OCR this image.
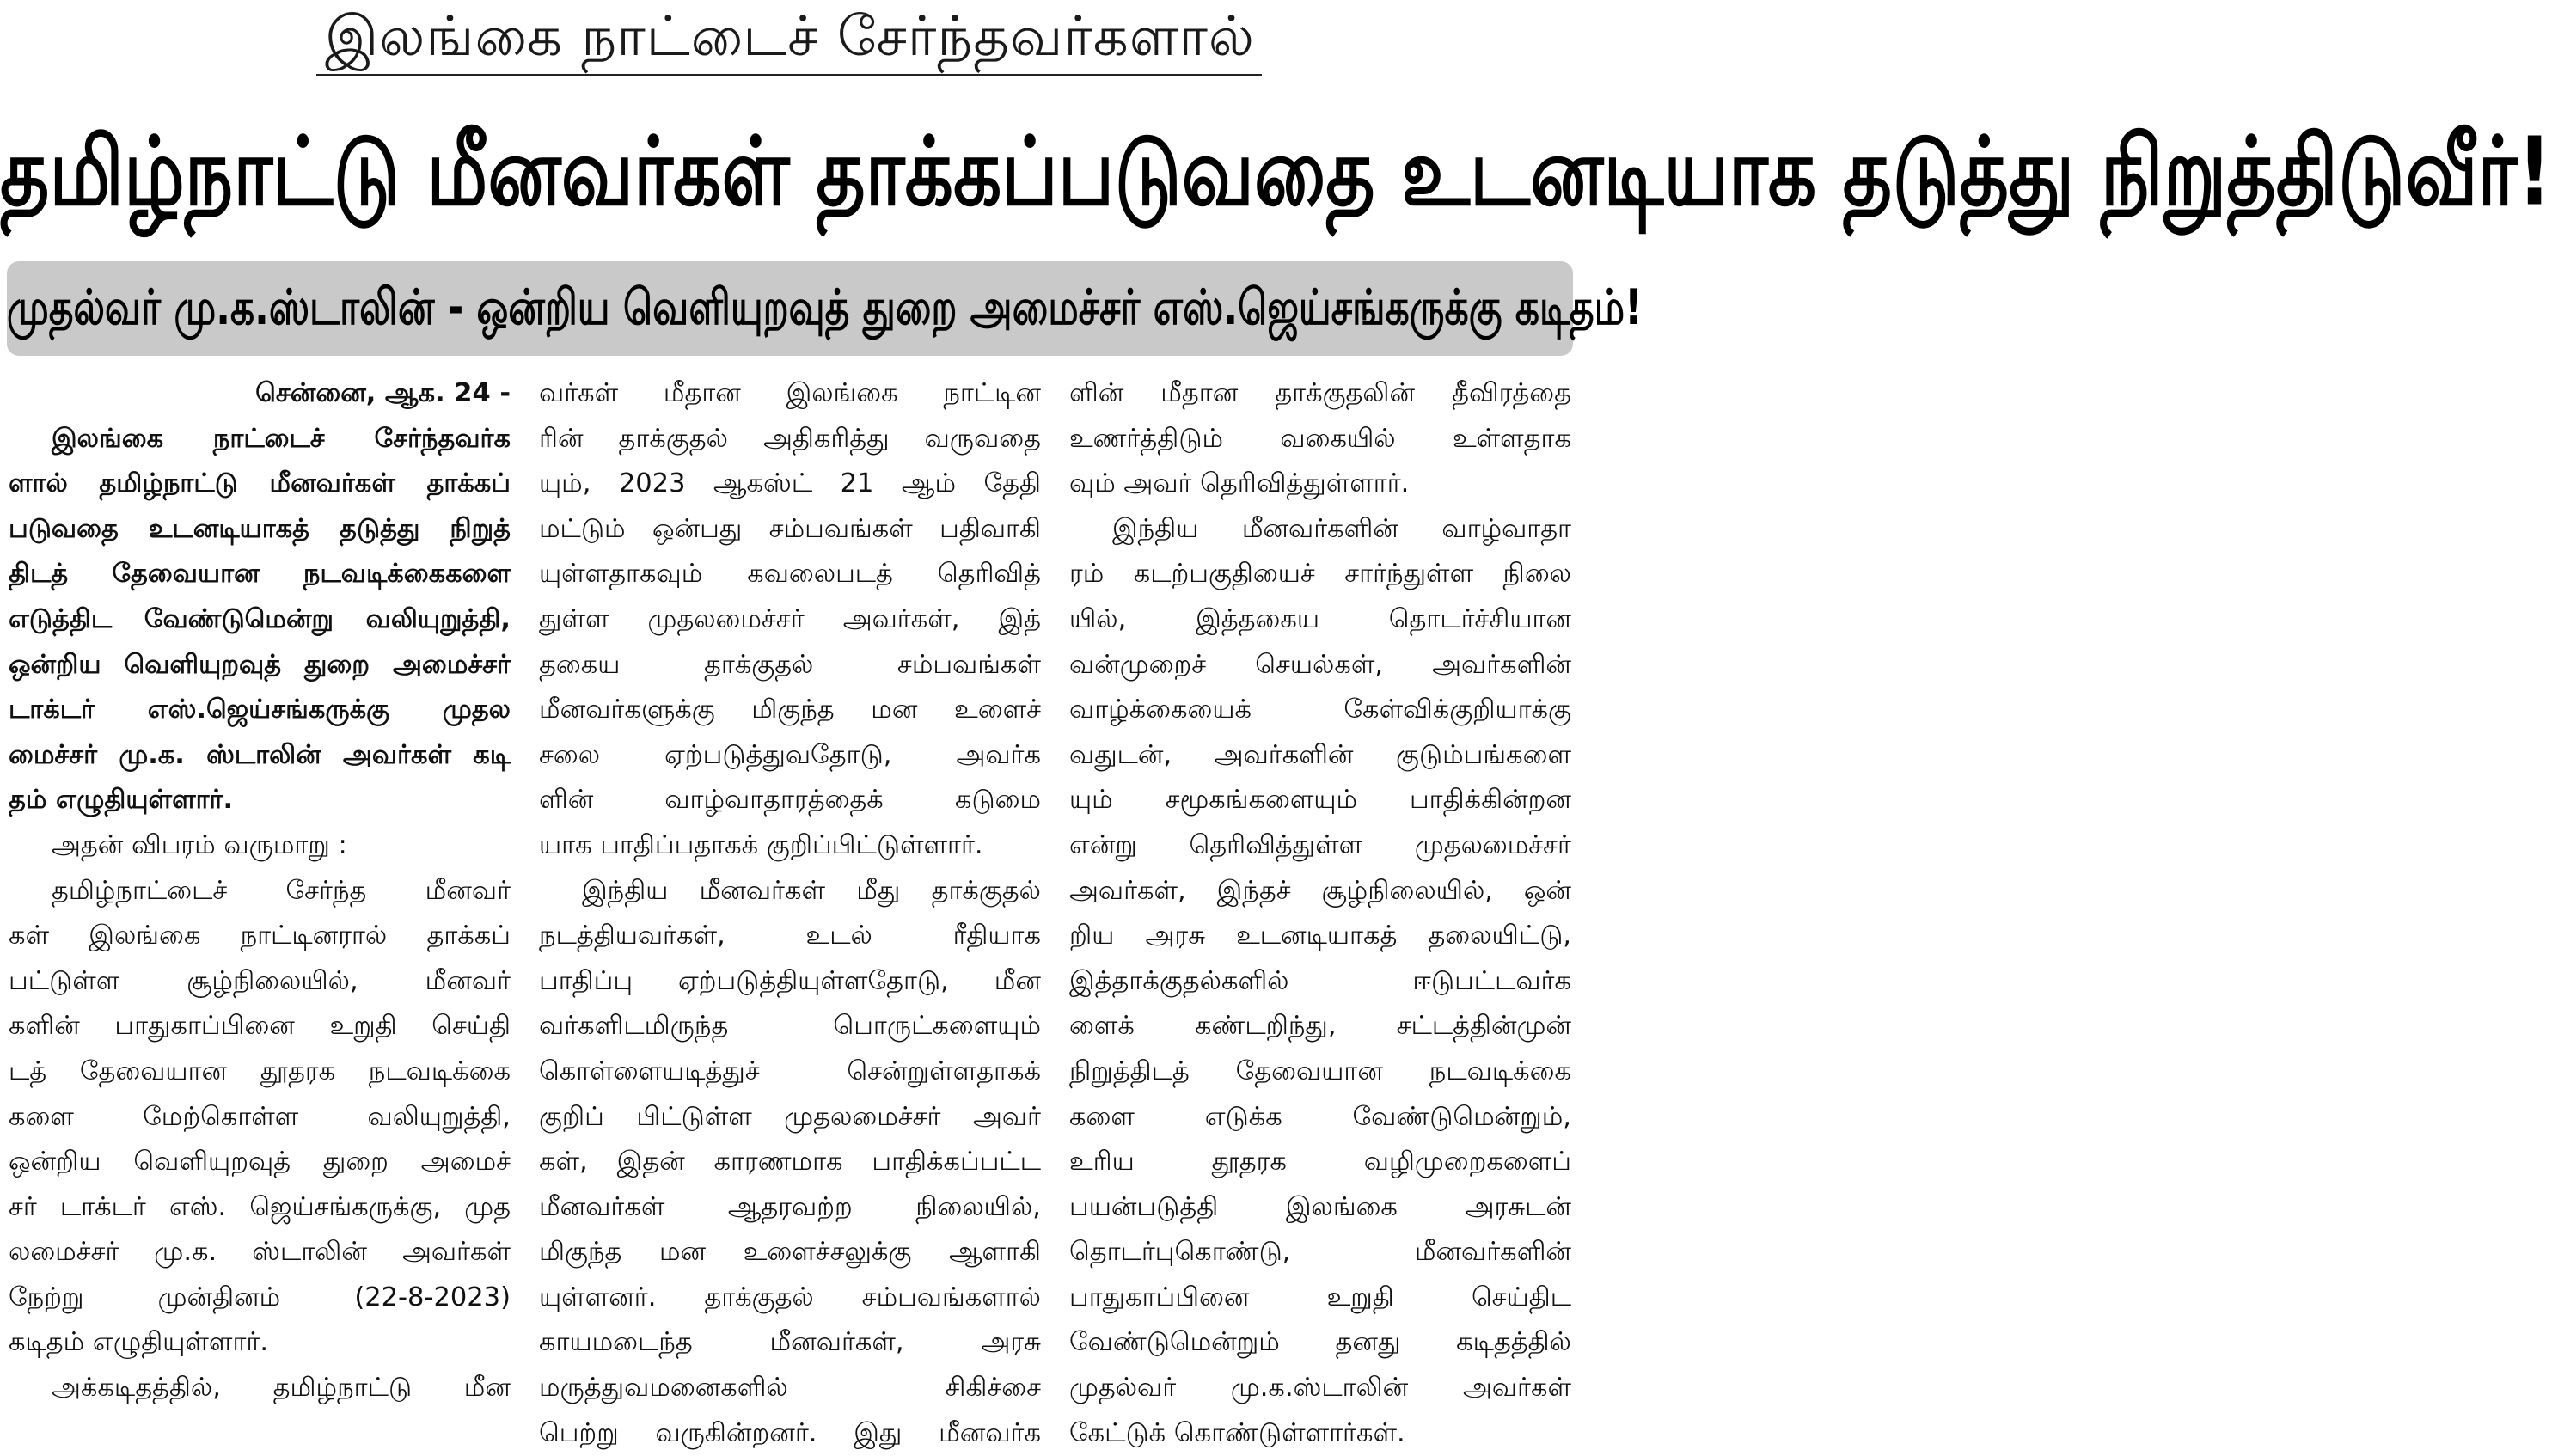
இலங்கை நாட்டைச் சேர்ந்தவர்களால்
தமிழ்நாட்டு மீனவர்கள் தாக்கப்படுவதை உடனடியாக தடுத்து நிறுத்திடுவீர்!
முதல்வர் மு.க.ஸ்டாலின் - ஒன்றிய வெளியுறவுத் துறை அமைச்சர் எஸ்.ஜெய்சங்கருக்கு கடிதம்!
சென்னை, ஆக. 24 -
இலங்கை நாட்டைச் சேர்ந்தவர்க
ளால் தமிழ்நாட்டு மீனவர்கள் தாக்கப்
படுவதை உடனடியாகத் தடுத்து நிறுத்
திடத் தேவையான நடவடிக்கைகளை
எடுத்திட வேண்டுமென்று வலியுறுத்தி,
ஒன்றிய வெளியுறவுத் துறை அமைச்சர்
டாக்டர் எஸ்.ஜெய்சங்கருக்கு முதல
மைச்சர் மு.க. ஸ்டாலின் அவர்கள் கடி
தம் எழுதியுள்ளார்.
அதன் விபரம் வருமாறு :
தமிழ்நாட்டைச் சேர்ந்த மீனவர்
கள் இலங்கை நாட்டினரால் தாக்கப்
பட்டுள்ள சூழ்நிலையில், மீனவர்
களின் பாதுகாப்பினை உறுதி செய்தி
டத் தேவையான தூதரக நடவடிக்கை
களை மேற்கொள்ள வலியுறுத்தி,
ஒன்றிய வெளியுறவுத் துறை அமைச்
சர் டாக்டர் எஸ். ஜெய்சங்கருக்கு, முத
லமைச்சர் மு.க. ஸ்டாலின் அவர்கள்
நேற்று முன்தினம் (22-8-2023)
கடிதம் எழுதியுள்ளார்.
அக்கடிதத்தில், தமிழ்நாட்டு மீன
வர்கள் மீதான இலங்கை நாட்டின
ரின் தாக்குதல் அதிகரித்து வருவதை
யும், 2023 ஆகஸ்ட் 21 ஆம் தேதி
மட்டும் ஒன்பது சம்பவங்கள் பதிவாகி
யுள்ளதாகவும் கவலைபடத் தெரிவித்
துள்ள முதலமைச்சர் அவர்கள், இத்
தகைய தாக்குதல் சம்பவங்கள்
மீனவர்களுக்கு மிகுந்த மன உளைச்
சலை ஏற்படுத்துவதோடு, அவர்க
ளின் வாழ்வாதாரத்தைக் கடுமை
யாக பாதிப்பதாகக் குறிப்பிட்டுள்ளார்.
இந்திய மீனவர்கள் மீது தாக்குதல்
நடத்தியவர்கள், உடல் ரீதியாக
பாதிப்பு ஏற்படுத்தியுள்ளதோடு, மீன
வர்களிடமிருந்த பொருட்களையும்
கொள்ளையடித்துச் சென்றுள்ளதாகக்
குறிப் பிட்டுள்ள முதலமைச்சர் அவர்
கள், இதன் காரணமாக பாதிக்கப்பட்ட
மீனவர்கள் ஆதரவற்ற நிலையில்,
மிகுந்த மன உளைச்சலுக்கு ஆளாகி
யுள்ளனர். தாக்குதல் சம்பவங்களால்
காயமடைந்த மீனவர்கள், அரசு
மருத்துவமனைகளில் சிகிச்சை
பெற்று வருகின்றனர். இது மீனவர்க
ளின் மீதான தாக்குதலின் தீவிரத்தை
உணர்த்திடும் வகையில் உள்ளதாக
வும் அவர் தெரிவித்துள்ளார்.
இந்திய மீனவர்களின் வாழ்வாதா
ரம் கடற்பகுதியைச் சார்ந்துள்ள நிலை
யில், இத்தகைய தொடர்ச்சியான
வன்முறைச் செயல்கள், அவர்களின்
வாழ்க்கையைக் கேள்விக்குறியாக்கு
வதுடன், அவர்களின் குடும்பங்களை
யும் சமூகங்களையும் பாதிக்கின்றன
என்று தெரிவித்துள்ள முதலமைச்சர்
அவர்கள், இந்தச் சூழ்நிலையில், ஒன்
றிய அரசு உடனடியாகத் தலையிட்டு,
இத்தாக்குதல்களில் ஈடுபட்டவர்க
ளைக் கண்டறிந்து, சட்டத்தின்முன்
நிறுத்திடத் தேவையான நடவடிக்கை
களை எடுக்க வேண்டுமென்றும்,
உரிய தூதரக வழிமுறைகளைப்
பயன்படுத்தி இலங்கை அரசுடன்
தொடர்புகொண்டு, மீனவர்களின்
பாதுகாப்பினை உறுதி செய்திட
வேண்டுமென்றும் தனது கடிதத்தில்
முதல்வர் மு.க.ஸ்டாலின் அவர்கள்
கேட்டுக் கொண்டுள்ளார்கள்.
